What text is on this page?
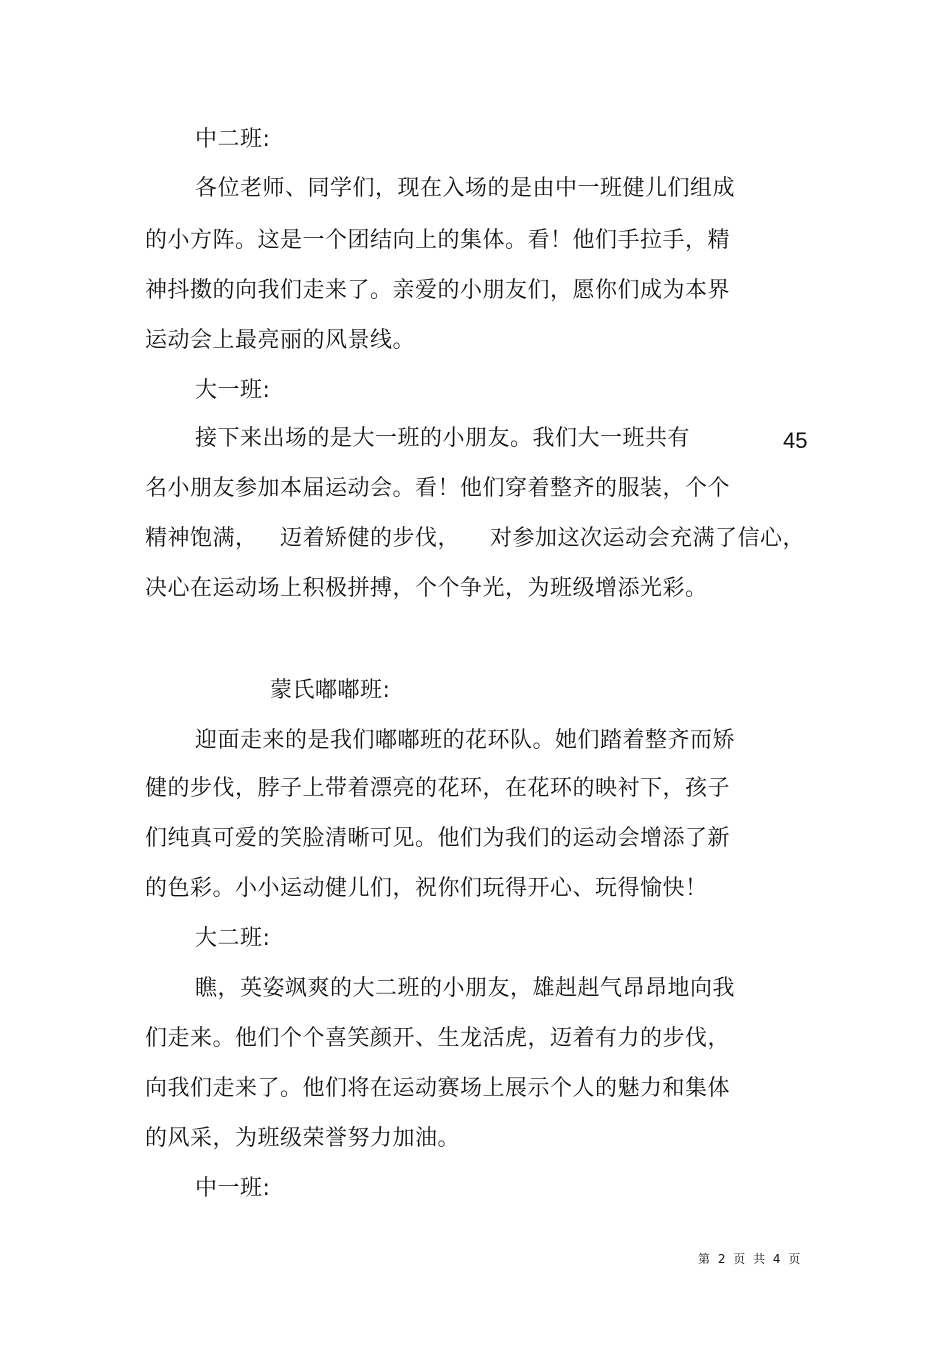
中二班:
各位老师、同学们，现在入场的是由中一班健儿们组成
的小方阵。这是一个团结向上的集体。看！他们手拉手，精
神抖擞的向我们走来了。亲爱的小朋友们，愿你们成为本界
运动会上最亮丽的风景线。
大一班:
接下来出场的是大一班的小朋友。我们大一班共有	45
名小朋友参加本届运动会。看！他们穿着整齐的服装，个个
精神饱满，   迈着矫健的步伐，    对参加这次运动会充满了信心，
决心在运动场上积极拼搏，个个争光，为班级增添光彩。
蒙氏嘟嘟班:
迎面走来的是我们嘟嘟班的花环队。她们踏着整齐而矫
健的步伐，脖子上带着漂亮的花环，在花环的映衬下，孩子
们纯真可爱的笑脸清晰可见。他们为我们的运动会增添了新
的色彩。小小运动健儿们，祝你们玩得开心、玩得愉快！
大二班:
瞧，英姿飒爽的大二班的小朋友，雄赳赳气昂昂地向我
们走来。他们个个喜笑颜开、生龙活虎，迈着有力的步伐，
向我们走来了。他们将在运动赛场上展示个人的魅力和集体
的风采，为班级荣誉努力加油。
中一班:
第 2 页 共 4 页
